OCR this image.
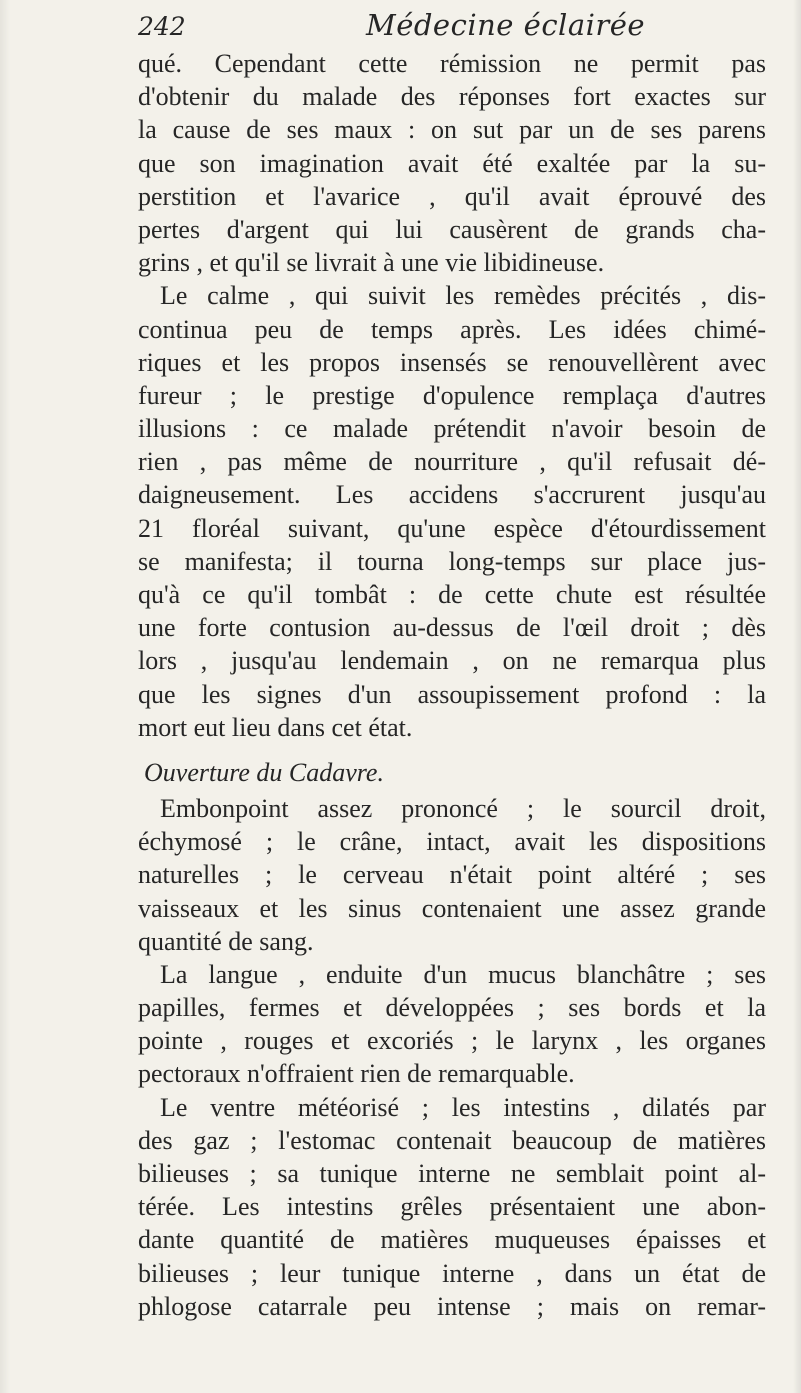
242	Médecine éclairée
qué. Cependant cette rémission ne permit pas
d'obtenir du malade des réponses fort exactes sur
la cause de ses maux : on sut par un de ses parens
que son imagination avait été exaltée par la su-
perstition et l'avarice , qu'il avait éprouvé des
pertes d'argent qui lui causèrent de grands cha-
grins , et qu'il se livrait à une vie libidineuse.
Le calme , qui suivit les remèdes précités , dis-
continua peu de temps après. Les idées chimé-
riques et les propos insensés se renouvellèrent avec
fureur ; le prestige d'opulence remplaça d'autres
illusions : ce malade prétendit n'avoir besoin de
rien , pas même de nourriture , qu'il refusait dé-
daigneusement. Les accidens s'accrurent jusqu'au
21 floréal suivant, qu'une espèce d'étourdissement
se manifesta; il tourna long-temps sur place jus-
qu'à ce qu'il tombât : de cette chute est résultée
une forte contusion au-dessus de l'œil droit ; dès
lors , jusqu'au lendemain , on ne remarqua plus
que les signes d'un assoupissement profond : la
mort eut lieu dans cet état.
Ouverture du Cadavre.
Embonpoint assez prononcé ; le sourcil droit,
échymosé ; le crâne, intact, avait les dispositions
naturelles ; le cerveau n'était point altéré ; ses
vaisseaux et les sinus contenaient une assez grande
quantité de sang.
La langue , enduite d'un mucus blanchâtre ; ses
papilles, fermes et développées ; ses bords et la
pointe , rouges et excoriés ; le larynx , les organes
pectoraux n'offraient rien de remarquable.
Le ventre météorisé ; les intestins , dilatés par
des gaz ; l'estomac contenait beaucoup de matières
bilieuses ; sa tunique interne ne semblait point al-
térée. Les intestins grêles présentaient une abon-
dante quantité de matières muqueuses épaisses et
bilieuses ; leur tunique interne , dans un état de
phlogose catarrale peu intense ; mais on remar-
